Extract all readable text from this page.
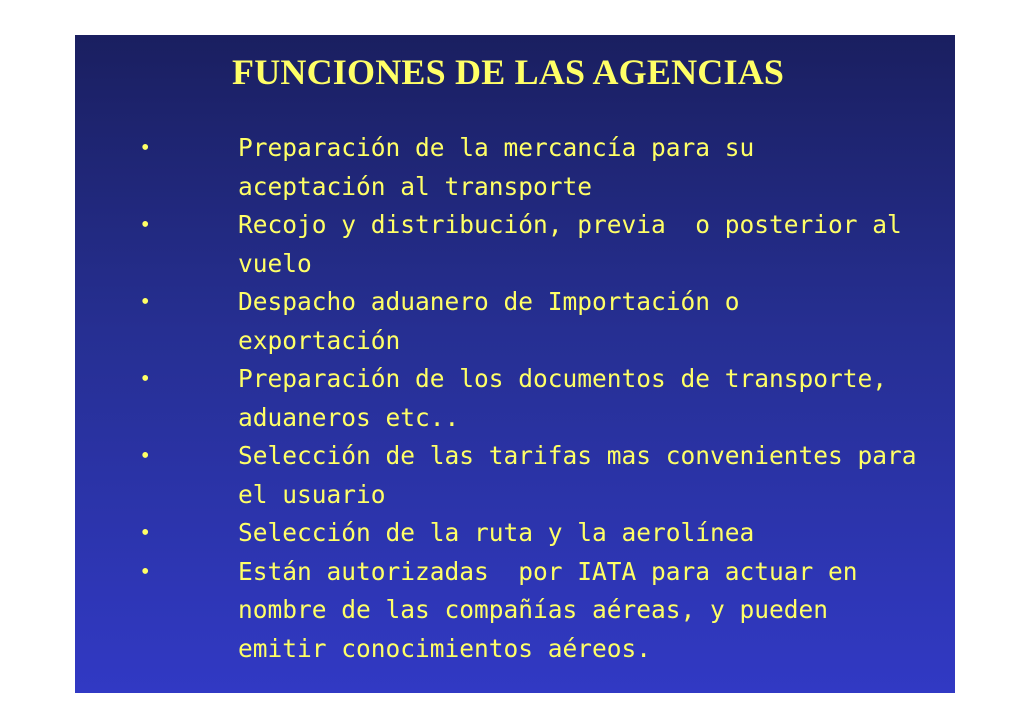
FUNCIONES DE LAS AGENCIAS
•	Preparación de la mercancía para su
aceptación al transporte
•	Recojo y distribución, previa  o posterior al
vuelo
•	Despacho aduanero de Importación o
exportación
•	Preparación de los documentos de transporte,
aduaneros etc..
•	Selección de las tarifas mas convenientes para
el usuario
•	Selección de la ruta y la aerolínea
•	Están autorizadas  por IATA para actuar en
nombre de las compañías aéreas, y pueden
emitir conocimientos aéreos.
